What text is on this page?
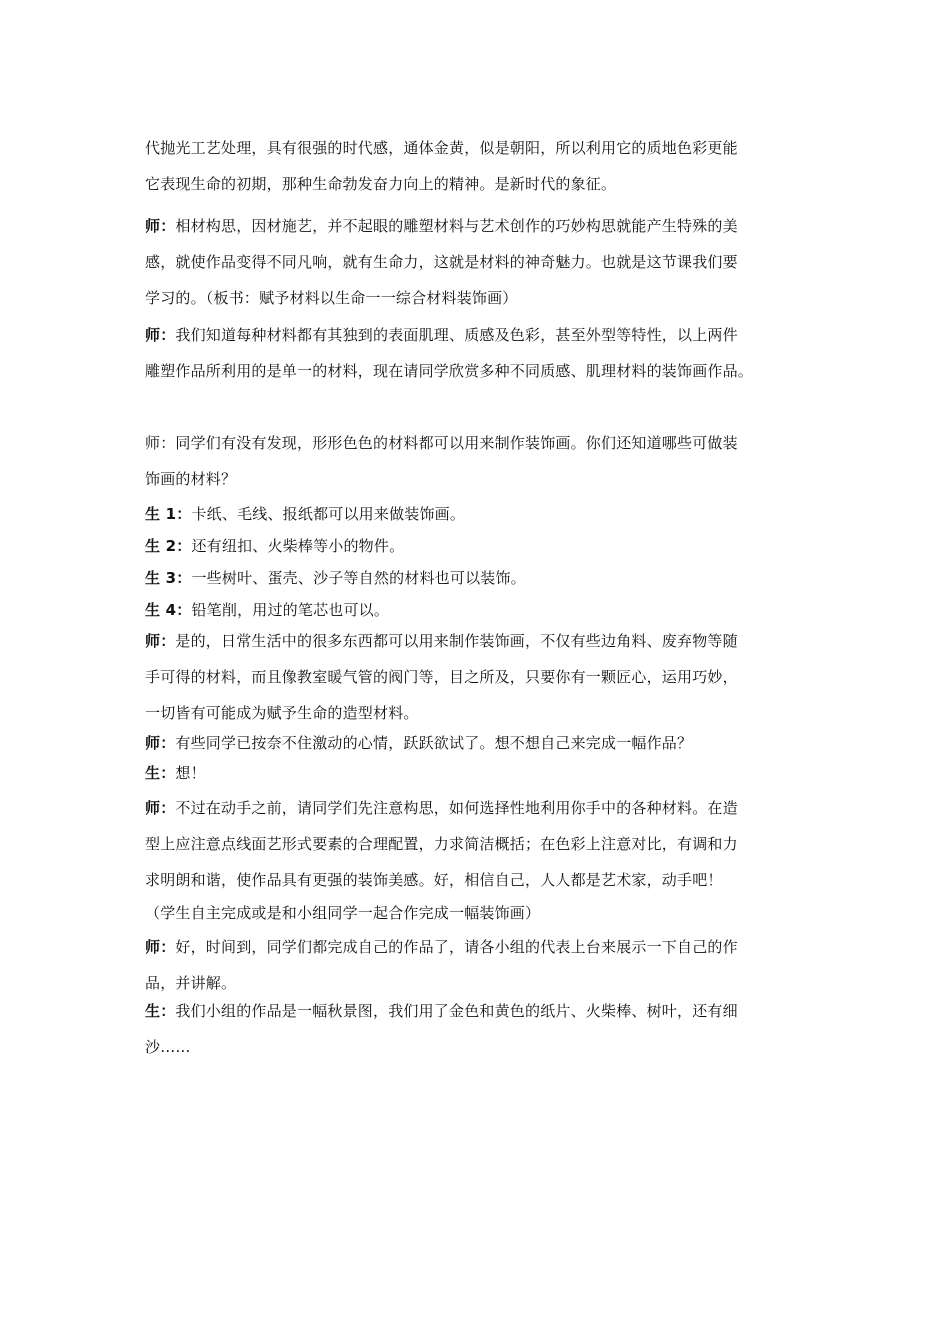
代抛光工艺处理，具有很强的时代感，通体金黄，似是朝阳，所以利用它的质地色彩更能
它表现生命的初期，那种生命勃发奋力向上的精神。是新时代的象征。
师：相材构思，因材施艺，并不起眼的雕塑材料与艺术创作的巧妙构思就能产生特殊的美
感，就使作品变得不同凡响，就有生命力，这就是材料的神奇魅力。也就是这节课我们要
学习的。（板书：赋予材料以生命一一综合材料装饰画）
师：我们知道每种材料都有其独到的表面肌理、质感及色彩，甚至外型等特性，以上两件
雕塑作品所利用的是单一的材料，现在请同学欣赏多种不同质感、肌理材料的装饰画作品。
师：同学们有没有发现，形形色色的材料都可以用来制作装饰画。你们还知道哪些可做装
饰画的材料？
生 1：卡纸、毛线、报纸都可以用来做装饰画。
生 2：还有纽扣、火柴棒等小的物件。
生 3：一些树叶、蛋壳、沙子等自然的材料也可以装饰。
生 4：铅笔削，用过的笔芯也可以。
师：是的，日常生活中的很多东西都可以用来制作装饰画，不仅有些边角料、废弃物等随
手可得的材料，而且像教室暖气管的阀门等，目之所及，只要你有一颗匠心，运用巧妙，
一切皆有可能成为赋予生命的造型材料。
师：有些同学已按奈不住激动的心情，跃跃欲试了。想不想自己来完成一幅作品？
生：想！
师：不过在动手之前，请同学们先注意构思，如何选择性地利用你手中的各种材料。在造
型上应注意点线面艺形式要素的合理配置，力求简洁概括；在色彩上注意对比，有调和力
求明朗和谐，使作品具有更强的装饰美感。好，相信自己，人人都是艺术家，动手吧！
（学生自主完成或是和小组同学一起合作完成一幅装饰画）
师：好，时间到，同学们都完成自己的作品了，请各小组的代表上台来展示一下自己的作
品，并讲解。
生：我们小组的作品是一幅秋景图，我们用了金色和黄色的纸片、火柴棒、树叶，还有细
沙……
